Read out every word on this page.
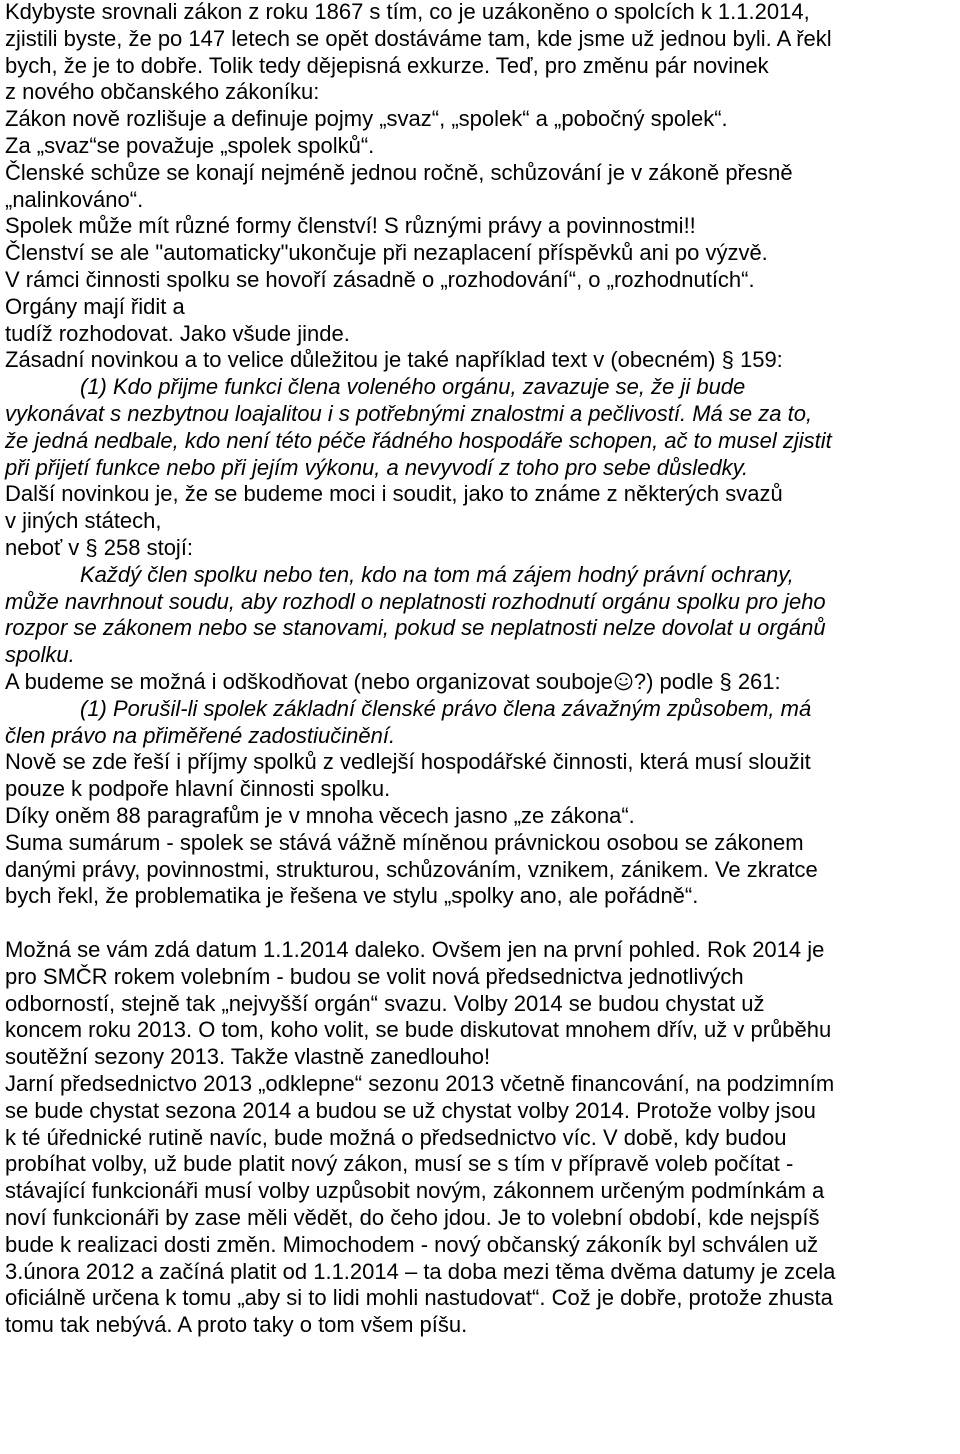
Kdybyste srovnali zákon z roku 1867 s tím, co je uzákoněno o spolcích k 1.1.2014,
zjistili byste, že po 147 letech se opět dostáváme tam, kde jsme už jednou byli. A řekl
bych, že je to dobře. Tolik tedy dějepisná exkurze. Teď, pro změnu pár novinek
z nového občanského zákoníku:
Zákon nově rozlišuje a definuje pojmy „svaz“, „spolek“ a „pobočný spolek“.
Za „svaz“se považuje „spolek spolků“.
Členské schůze se konají nejméně jednou ročně, schůzování je v zákoně přesně
„nalinkováno“.
Spolek může mít různé formy členství! S různými právy a povinnostmi!!
Členství se ale "automaticky"ukončuje při nezaplacení příspěvků ani po výzvě.
V rámci činnosti spolku se hovoří zásadně o „rozhodování“, o „rozhodnutích“.
Orgány mají řidit a
tudíž rozhodovat. Jako všude jinde.
Zásadní novinkou a to velice důležitou je také například text v (obecném) § 159:
(1) Kdo přijme funkci člena voleného orgánu, zavazuje se, že ji bude
vykonávat s nezbytnou loajalitou i s potřebnými znalostmi a pečlivostí. Má se za to,
že jedná nedbale, kdo není této péče řádného hospodáře schopen, ač to musel zjistit
při přijetí funkce nebo při jejím výkonu, a nevyvodí z toho pro sebe důsledky.
Další novinkou je, že se budeme moci i soudit, jako to známe z některých svazů
v jiných státech,
neboť v § 258 stojí:
Každý člen spolku nebo ten, kdo na tom má zájem hodný právní ochrany,
může navrhnout soudu, aby rozhodl o neplatnosti rozhodnutí orgánu spolku pro jeho
rozpor se zákonem nebo se stanovami, pokud se neplatnosti nelze dovolat u orgánů
spolku.
A budeme se možná i odškodňovat (nebo organizovat souboje ?) podle § 261:
(1) Porušil-li spolek základní členské právo člena závažným způsobem, má
člen právo na přiměřené zadostiučinění.
Nově se zde řeší i příjmy spolků z vedlejší hospodářské činnosti, která musí sloužit
pouze k podpoře hlavní činnosti spolku.
Díky oněm 88 paragrafům je v mnoha věcech jasno „ze zákona“.
Suma sumárum - spolek se stává vážně míněnou právnickou osobou se zákonem
danými právy, povinnostmi, strukturou, schůzováním, vznikem, zánikem. Ve zkratce
bych řekl, že problematika je řešena ve stylu „spolky ano, ale pořádně“.
Možná se vám zdá datum 1.1.2014 daleko. Ovšem jen na první pohled. Rok 2014 je
pro SMČR rokem volebním - budou se volit nová předsednictva jednotlivých
odborností, stejně tak „nejvyšší orgán“ svazu. Volby 2014 se budou chystat už
koncem roku 2013. O tom, koho volit, se bude diskutovat mnohem dřív, už v průběhu
soutěžní sezony 2013. Takže vlastně zanedlouho!
Jarní předsednictvo 2013 „odklepne“ sezonu 2013 včetně financování, na podzimním
se bude chystat sezona 2014 a budou se už chystat volby 2014. Protože volby jsou
k té úřednické rutině navíc, bude možná o předsednictvo víc. V době, kdy budou
probíhat volby, už bude platit nový zákon, musí se s tím v přípravě voleb počítat -
stávající funkcionáři musí volby uzpůsobit novým, zákonnem určeným podmínkám a
noví funkcionáři by zase měli vědět, do čeho jdou. Je to volební období, kde nejspíš
bude k realizaci dosti změn. Mimochodem - nový občanský zákoník byl schválen už
3.února 2012 a začíná platit od 1.1.2014 – ta doba mezi těma dvěma datumy je zcela
oficiálně určena k tomu „aby si to lidi mohli nastudovat“. Což je dobře, protože zhusta
tomu tak nebývá. A proto taky o tom všem píšu.
